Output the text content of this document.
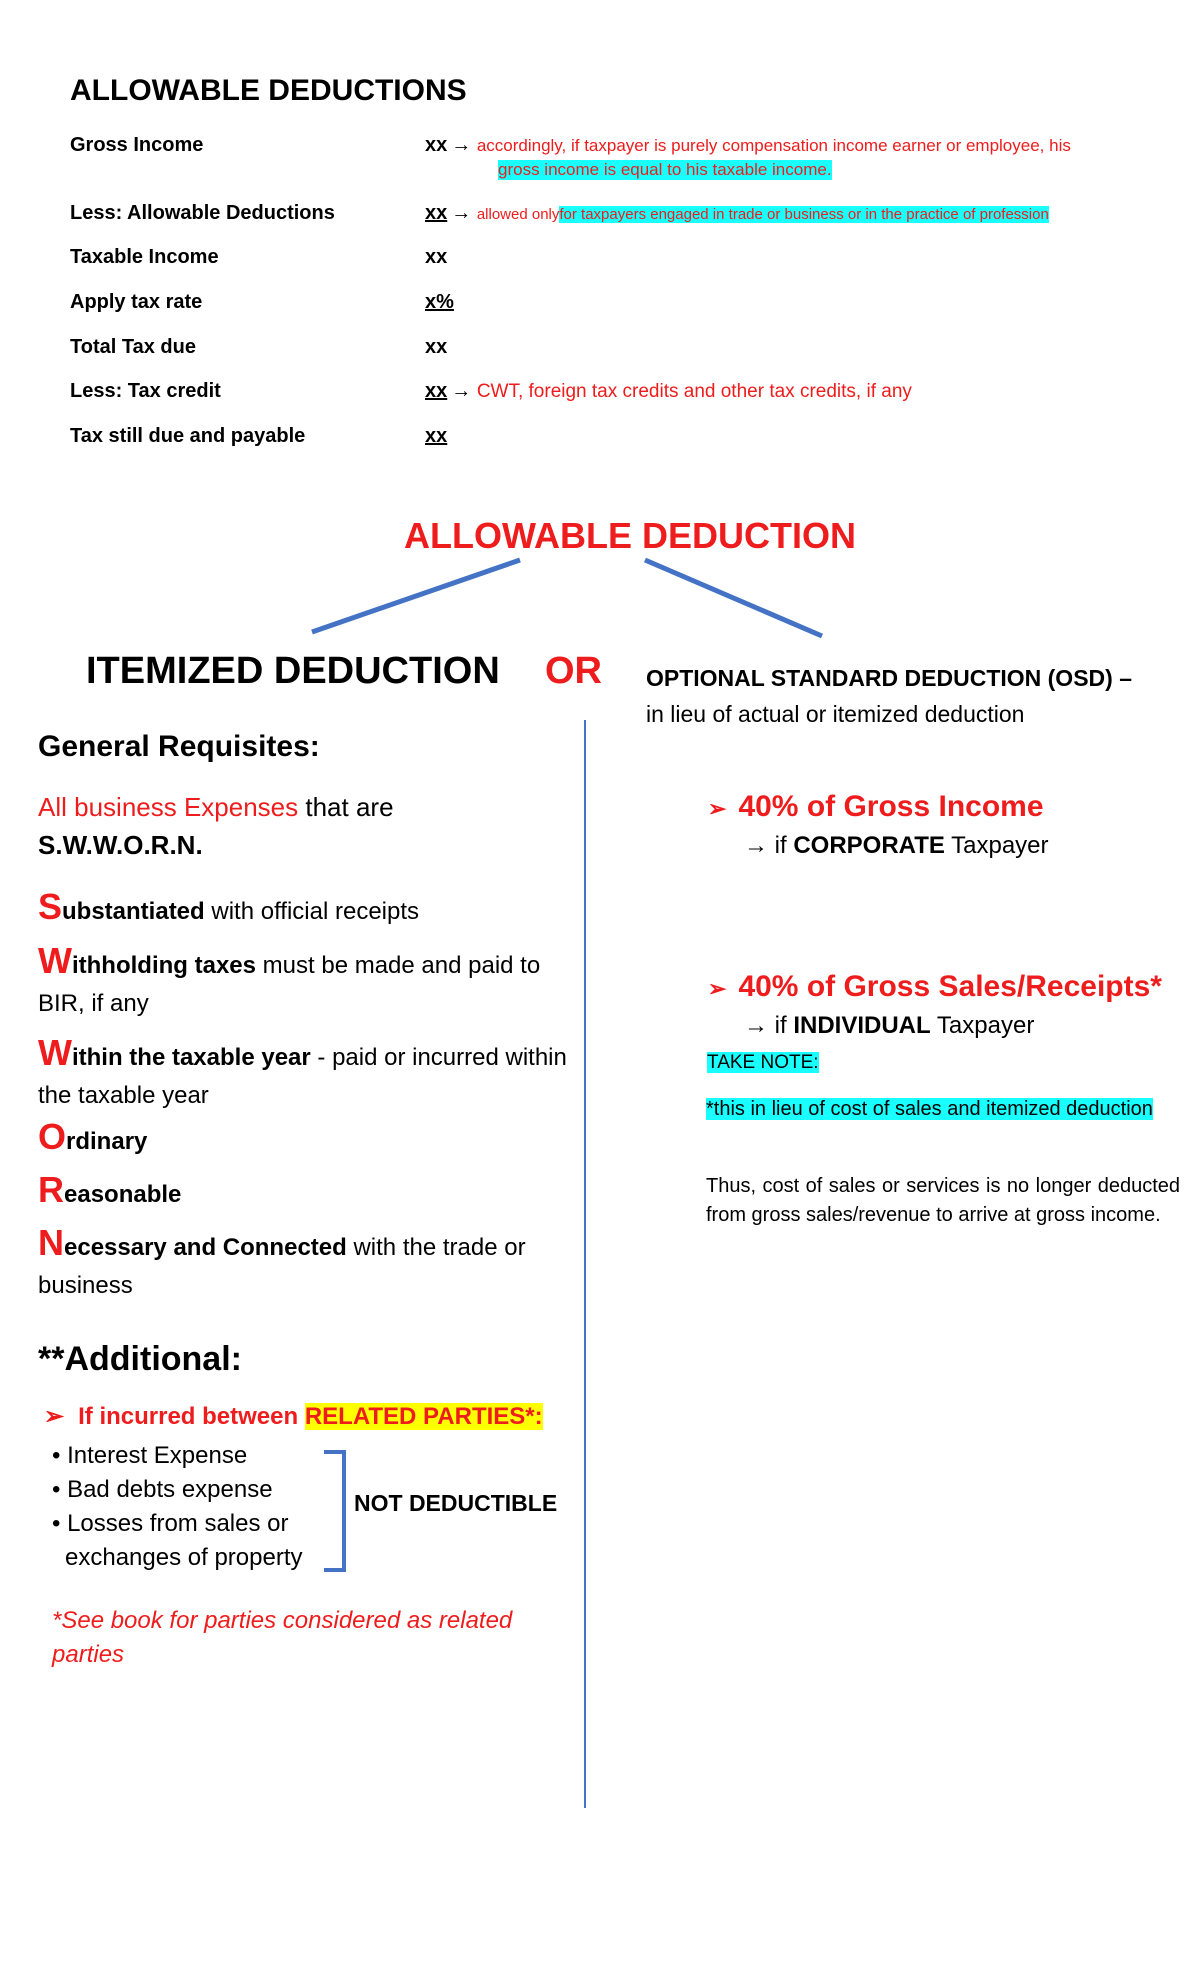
ALLOWABLE DEDUCTIONS
Gross Income	xx → accordingly, if taxpayer is purely compensation income earner or employee, his
gross income is equal to his taxable income.
Less: Allowable Deductions	xx → allowed onlyfor taxpayers engaged in trade or business or in the practice of profession
Taxable Income	xx
Apply tax rate	x%
Total Tax due	xx
Less: Tax credit	xx → CWT, foreign tax credits and other tax credits, if any
Tax still due and payable	xx
ALLOWABLE DEDUCTION
ITEMIZED DEDUCTION OR OPTIONAL STANDARD DEDUCTION (OSD) –
in lieu of actual or itemized deduction
General Requisites:
All business Expenses that are
S.W.W.O.R.N.
Substantiated with official receipts
Withholding taxes must be made and paid to BIR, if any
Within the taxable year - paid or incurred within the taxable year
Ordinary
Reasonable
Necessary and Connected with the trade or business
**Additional:
➢ If incurred between RELATED PARTIES*:
• Interest Expense
• Bad debts expense
• Losses from sales or
exchanges of property
NOT DEDUCTIBLE
*See book for parties considered as related parties
➢ 40% of Gross Income
→ if CORPORATE Taxpayer
➢ 40% of Gross Sales/Receipts*
→ if INDIVIDUAL Taxpayer
TAKE NOTE:
*this in lieu of cost of sales and itemized deduction
Thus, cost of sales or services is no longer deducted from gross sales/revenue to arrive at gross income.
